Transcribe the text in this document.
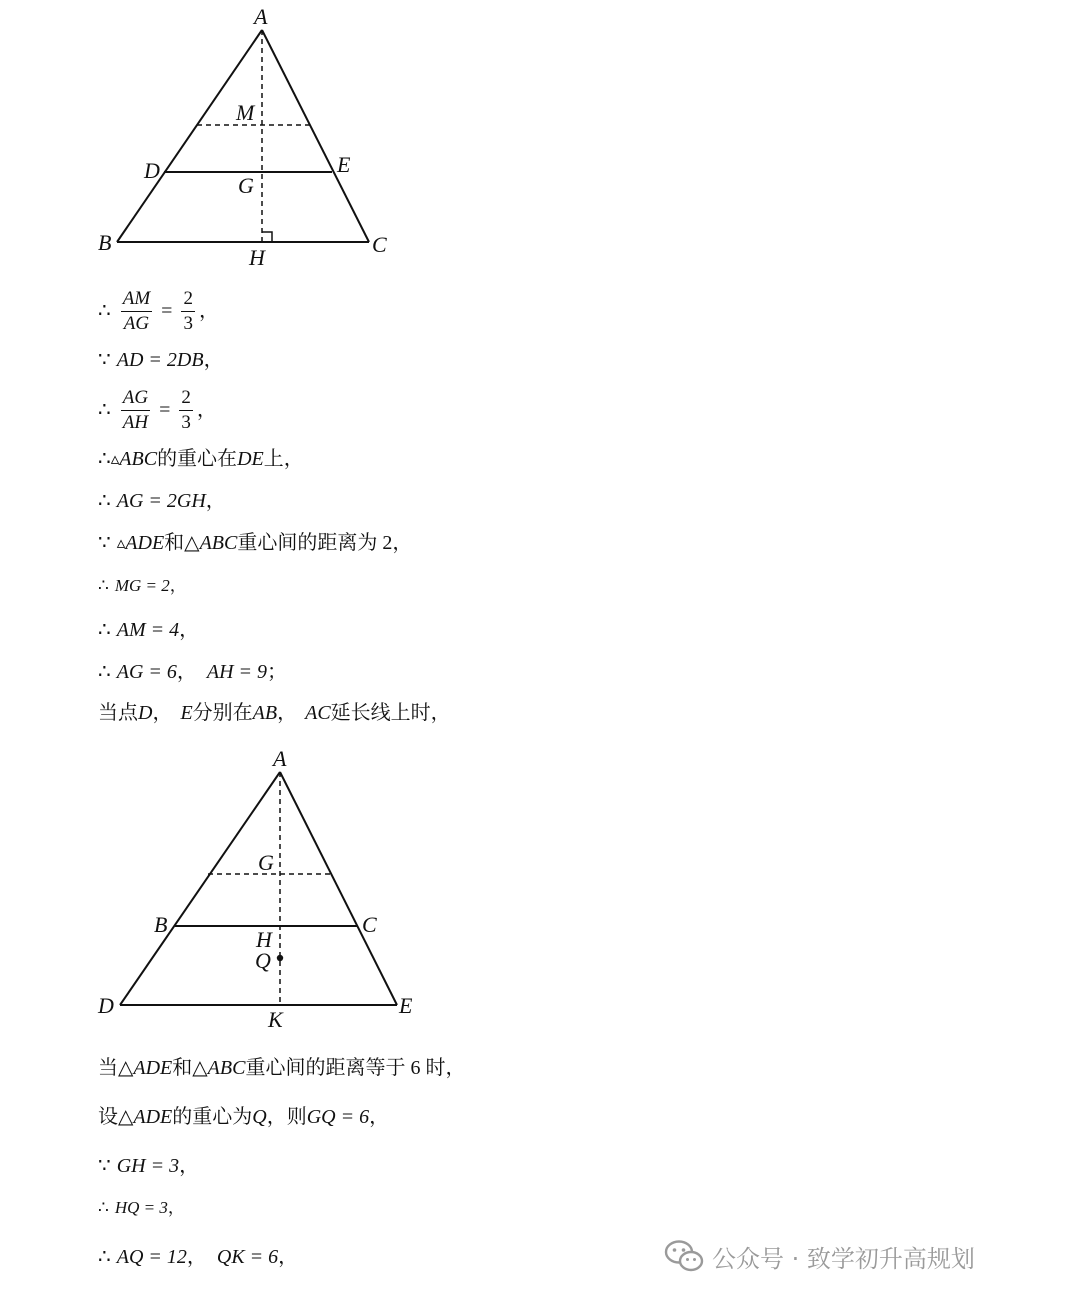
A
M
D	E
G
B
H
C
∴ $\frac{AM}{AG} = \frac{2}{3}$ ，
∵ AD = 2DB ，
∴ $\frac{AG}{AH} = \frac{2}{3}$ ，
∴ ▵ ABC 的重心在 DE 上，
∴ AG = 2GH ，
∵ ▵ ADE 和 △ ABC 重心间的距离为 2，
∴ MG = 2 ，
∴ AM = 4 ，
∴ AG = 6 ， AH = 9 ；
当点 D ， E 分别在 AB ， AC 延长线上时，
A
G
B	C
H
Q
D
K
E
当 △ ADE 和 △ ABC 重心间的距离等于 6 时，
设 △ ADE 的重心为 Q ，则 GQ = 6 ，
∵ GH = 3 ，
∴ HQ = 3 ，
∴ AQ = 12 ， QK = 6 ，	公众号 · 致学初升高规划
